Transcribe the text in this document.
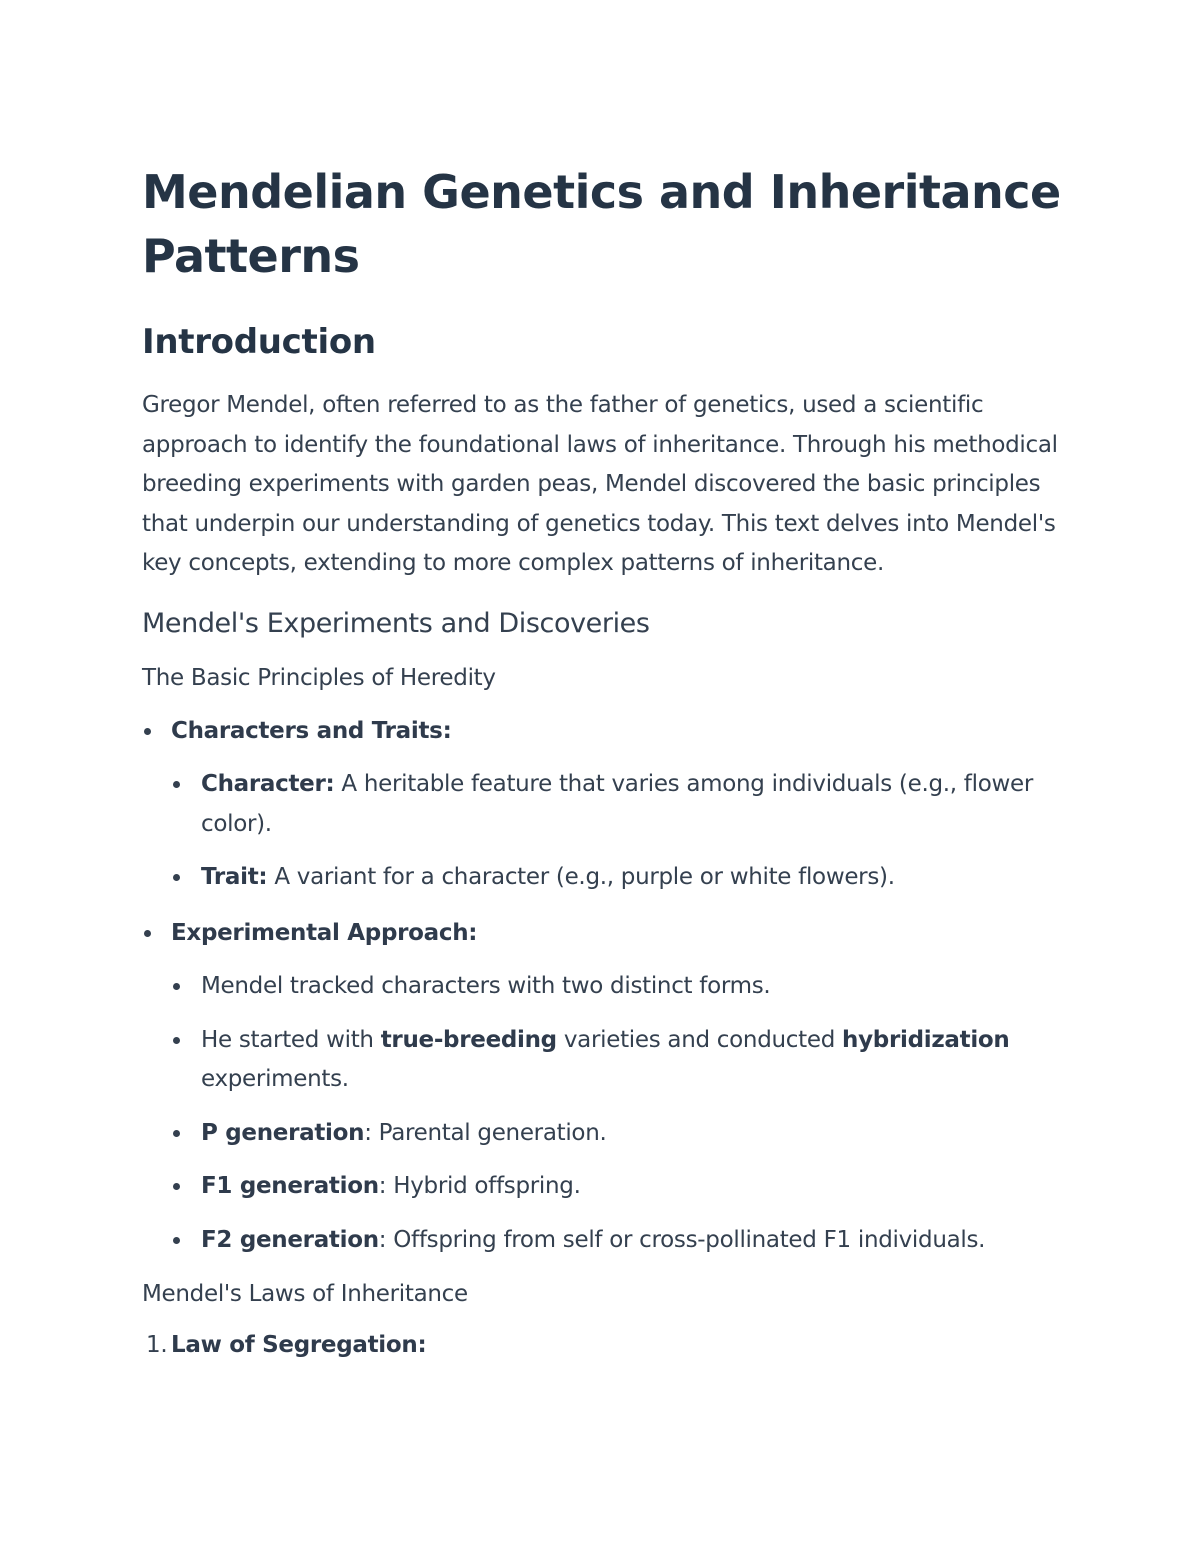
Mendelian Genetics and Inheritance Patterns
Introduction

Gregor Mendel, often referred to as the father of genetics, used a scientific approach to identify the foundational laws of inheritance. Through his methodical breeding experiments with garden peas, Mendel discovered the basic principles that underpin our understanding of genetics today. This text delves into Mendel's key concepts, extending to more complex patterns of inheritance.

Mendel's Experiments and Discoveries
The Basic Principles of Heredity
Characters and Traits:
Character: A heritable feature that varies among individuals (e.g., flower color).
Trait: A variant for a character (e.g., purple or white flowers).
Experimental Approach:
Mendel tracked characters with two distinct forms.
He started with true-breeding varieties and conducted hybridization experiments.
P generation: Parental generation.
F1 generation: Hybrid offspring.
F2 generation: Offspring from self or cross-pollinated F1 individuals.
Mendel's Laws of Inheritance
1. Law of Segregation:
